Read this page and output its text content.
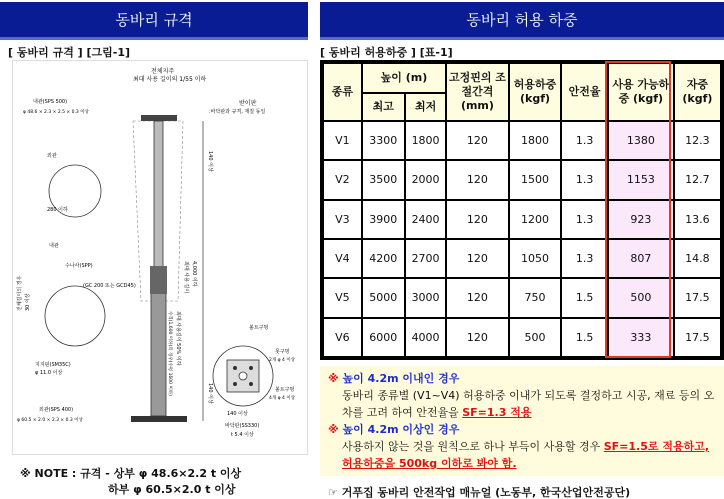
동바리 규격
[ 동바리 규격 ] [그림-1]
전체지주
최대 사용 길이의 1/55 이하
받이판
:바닥판과 규격, 재질 동일
내관(SPS 500)
φ 48.6 × 2.3 × 2.5 × 0.3 이상
외관
280 이하
내관
수나사(SPP)
(GC 200 또는 GCD45)
지지핀(SM35C)
φ 11.0 이상
외관(SPS 400)
φ 60.5 × 2.0 × 2.3 × 0.3 이상
140 이상
4,000 이하
최대 사용 길이
최대 사용길이 50% 이하
수직(1,600 이하)의 경우(수평 1600 이하)	140 이상
140 이상
볼트구멍
못구멍
2개 φ 4 이상
볼트구멍
4개 φ 4 이상
바닥판(SS330)
t 5.4 이상
전체길이의 경우 30 이상
※ NOTE : 규격 - 상부 φ 48.6×2.2 t 이상
하부 φ 60.5×2.0 t 이상
동바리 허용 하중
[ 동바리 허용하중 ] [표-1]
종류	높이 (m)		고정핀의 조절간격 (mm)	허용하중 (kgf)	안전율	사용 가능하중 (kgf)	자중 (kgf)
	최고	최저					
V1	3300	1800	120	1800	1.3	1380	12.3
V2	3500	2000	120	1500	1.3	1153	12.7
V3	3900	2400	120	1200	1.3	923	13.6
V4	4200	2700	120	1050	1.3	807	14.8
V5	5000	3000	120	750	1.5	500	17.5
V6	6000	4000	120	500	1.5	333	17.5
※ 높이 4.2m 이내인 경우
동바리 종류별 (V1~V4) 허용하중 이내가 되도록 결정하고 시공, 재료 등의 오차를 고려 하여 안전율을 SF=1.3 적용
※ 높이 4.2m 이상인 경우
사용하지 않는 것을 원칙으로 하나 부득이 사용할 경우 SF=1.5로 적용하고, 허용하중을 500kg 이하로 봐야 함.
☞ 거푸집 동바리 안전작업 매뉴얼 (노동부, 한국산업안전공단)
